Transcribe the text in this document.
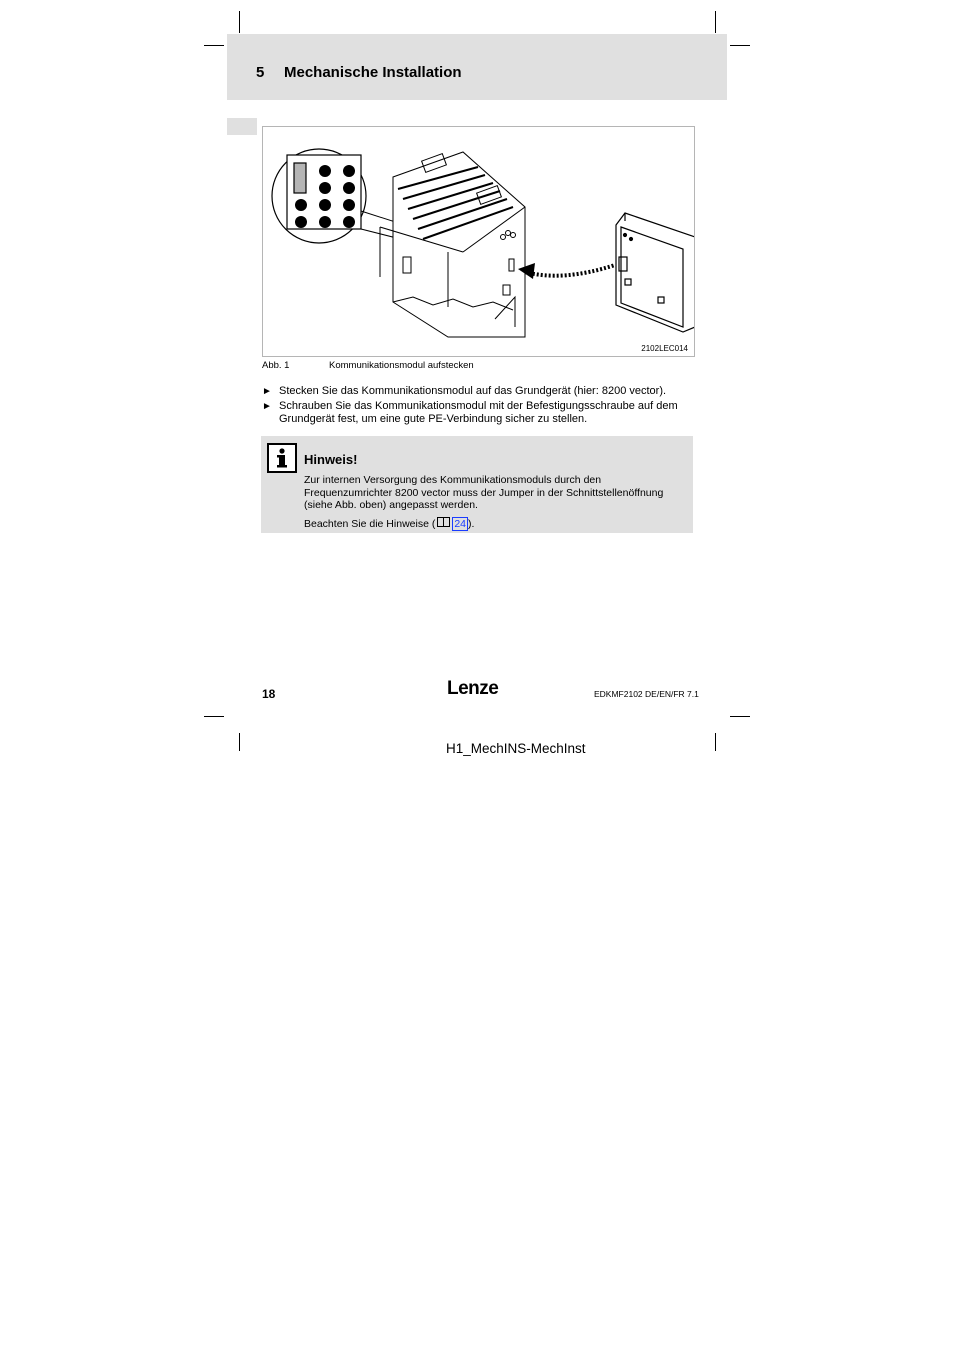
5 Mechanische Installation
2102LEC014
Abb. 1	Kommunikationsmodul aufstecken
► Stecken Sie das Kommunikationsmodul auf das Grundgerät (hier: 8200 vector).
► Schrauben Sie das Kommunikationsmodul mit der Befestigungsschraube auf dem Grundgerät fest, um eine gute PE-Verbindung sicher zu stellen.
Hinweis!
Zur internen Versorgung des Kommunikationsmoduls durch den Frequenzumrichter 8200 vector muss der Jumper in der Schnittstellenöffnung (siehe Abb. oben) angepasst werden.
Beachten Sie die Hinweise ( 24 ).
18	Lenze	EDKMF2102 DE/EN/FR 7.1
H1_MechINS-MechInst
